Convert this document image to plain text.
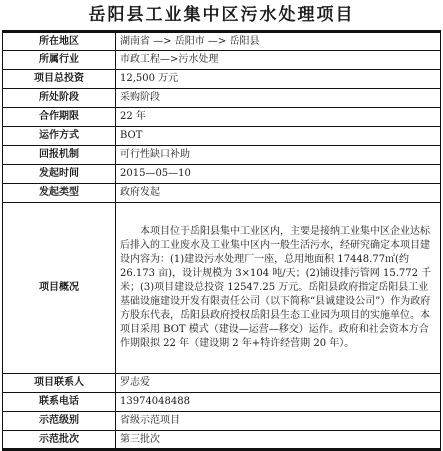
岳阳县工业集中区污水处理项目
所在地区	湖南省 —> 岳阳市 —> 岳阳县
所属行业	市政工程—>污水处理
项目总投资	12,500 万元
所处阶段	采购阶段
合作期限	22 年
运作方式	BOT
回报机制	可行性缺口补助
发起时间	2015—05—10
发起类型	政府发起
项目概况	本项目位于岳阳县集中工业区内，主要是接纳工业集中区企业达标后排入的工业废水及工业集中区内一般生活污水，经研究确定本项目建设内容为：(1)建设污水处理厂一座，总用地面积 17448.77㎡(约 26.173 亩)，设计规模为 3×104 吨/天；(2)铺设排污管网 15.772 千米；(3)项目建设总投资 12547.25 万元。岳阳县政府指定岳阳县工业基础设施建设开发有限责任公司（以下简称“县诚建设公司”）作为政府方股东代表，岳阳县政府授权岳阳县生态工业园为项目的实施单位。本项目采用 BOT 模式（建设—运营—移交）运作。政府和社会资本方合作期限拟 22 年（建设期 2 年+特许经营期 20 年）。
项目联系人	罗志爱
联系电话	13974048488
示范级别	省级示范项目
示范批次	第三批次
